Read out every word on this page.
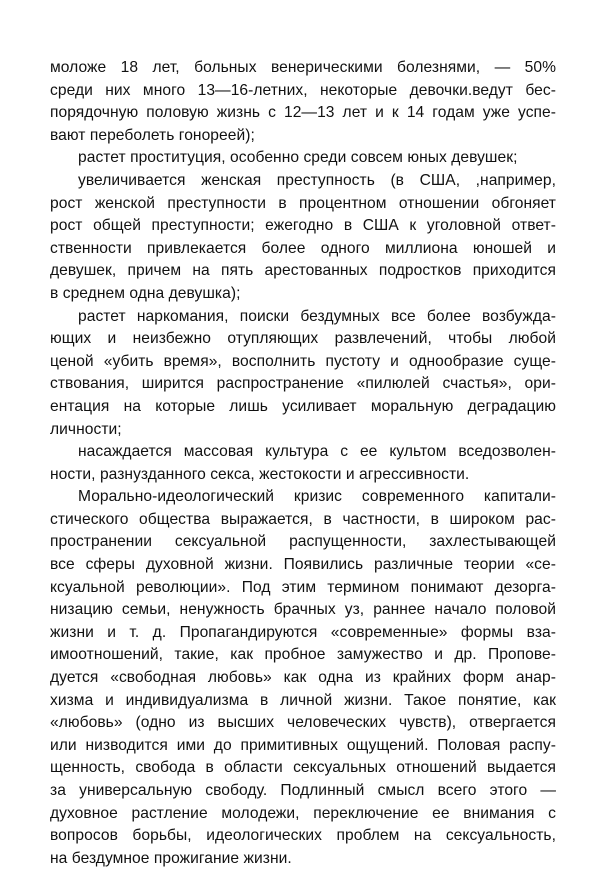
моложе 18 лет, больных венерическими болезнями, — 50%
среди них много 13—16-летних, некоторые девочки.ведут бес-
порядочную половую жизнь с 12—13 лет и к 14 годам уже успе-
вают переболеть гонореей);
растет проституция, особенно среди совсем юных девушек;
увеличивается женская преступность (в США, ,например,
рост женской преступности в процентном отношении обгоняет
рост общей преступности; ежегодно в США к уголовной ответ-
ственности привлекается более одного миллиона юношей и
девушек, причем на пять арестованных подростков приходится
в среднем одна девушка);
растет наркомания, поиски бездумных все более возбужда-
ющих и неизбежно отупляющих развлечений, чтобы любой
ценой «убить время», восполнить пустоту и однообразие суще-
ствования, ширится распространение «пилюлей счастья», ори-
ентация на которые лишь усиливает моральную деградацию
личности;
насаждается массовая культура с ее культом вседозволен-
ности, разнузданного секса, жестокости и агрессивности.
Морально-идеологический кризис современного капитали-
стического общества выражается, в частности, в широком рас-
пространении сексуальной распущенности, захлестывающей
все сферы духовной жизни. Появились различные теории «се-
ксуальной революции». Под этим термином понимают дезорга-
низацию семьи, ненужность брачных уз, раннее начало половой
жизни и т. д. Пропагандируются «современные» формы вза-
имоотношений, такие, как пробное замужество и др. Пропове-
дуется «свободная любовь» как одна из крайних форм анар-
хизма и индивидуализма в личной жизни. Такое понятие, как
«любовь» (одно из высших человеческих чувств), отвергается
или низводится ими до примитивных ощущений. Половая распу-
щенность, свобода в области сексуальных отношений выдается
за универсальную свободу. Подлинный смысл всего этого —
духовное растление молодежи, переключение ее внимания с
вопросов борьбы, идеологических проблем на сексуальность,
на бездумное прожигание жизни.
